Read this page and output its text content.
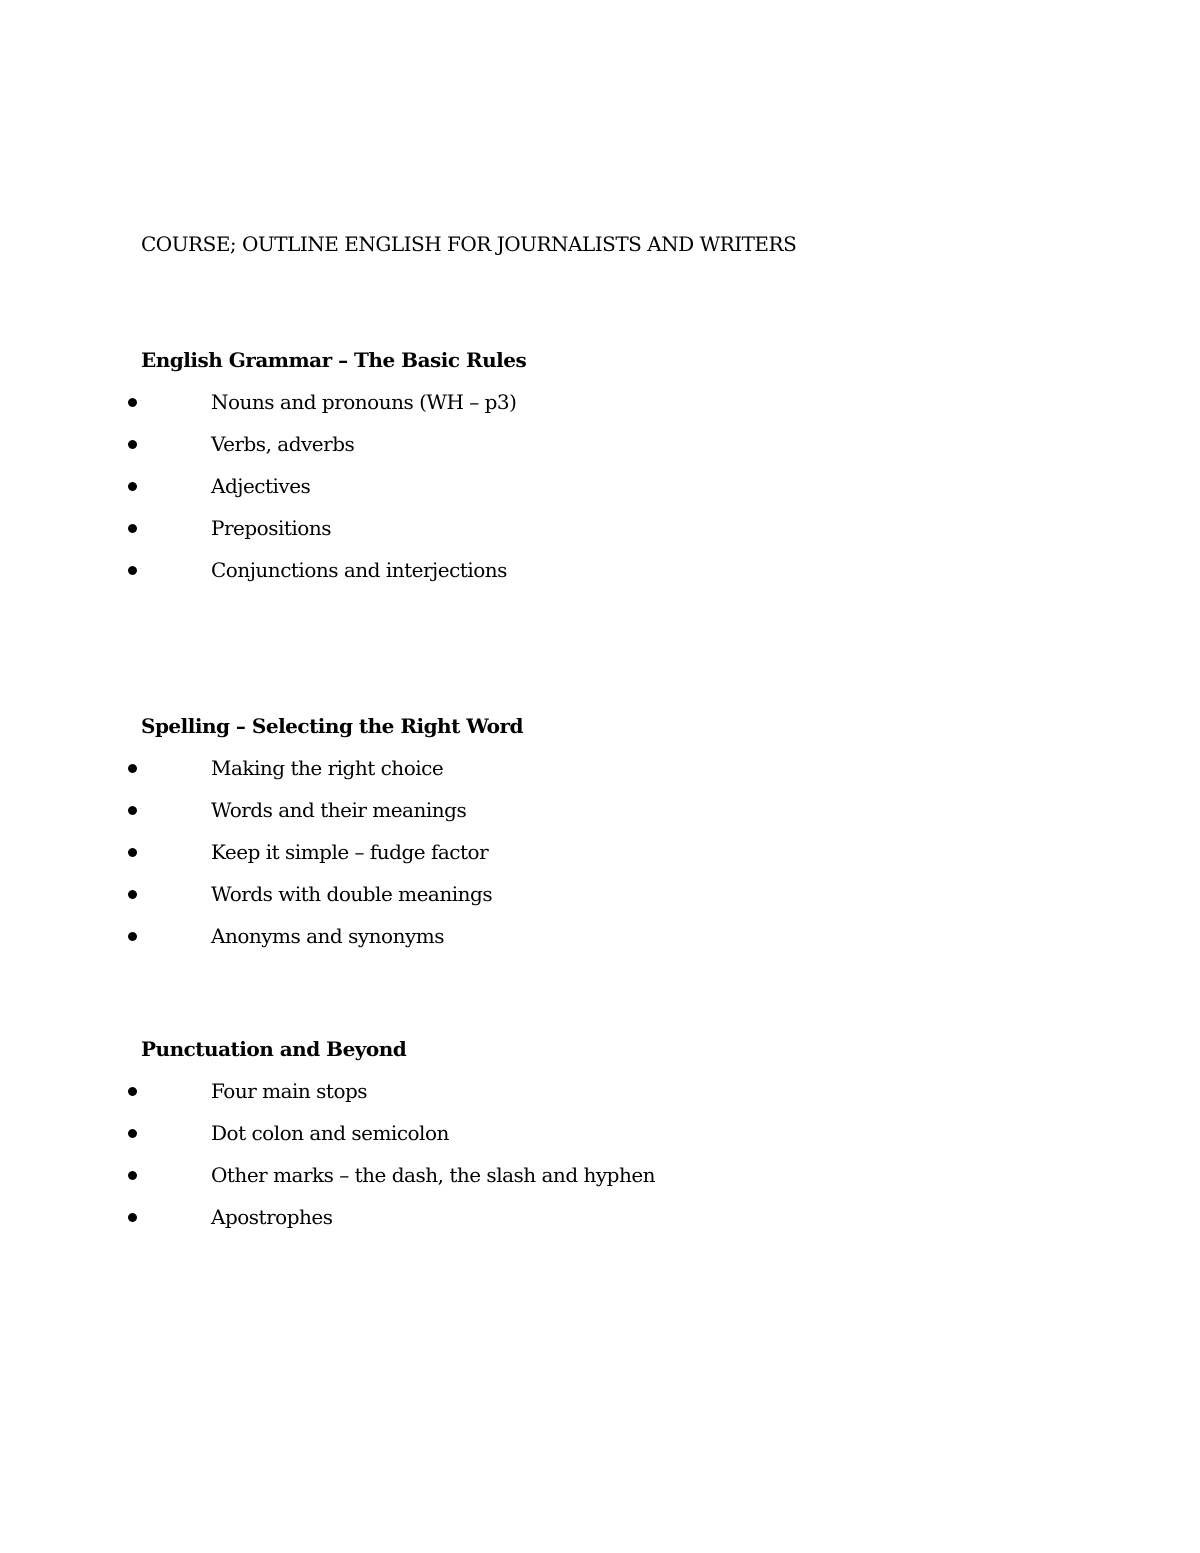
COURSE; OUTLINE ENGLISH FOR JOURNALISTS AND WRITERS
English Grammar – The Basic Rules
Nouns and pronouns (WH – p3)
Verbs, adverbs
Adjectives
Prepositions
Conjunctions and interjections
Spelling – Selecting the Right Word
Making the right choice
Words and their meanings
Keep it simple – fudge factor
Words with double meanings
Anonyms and synonyms
Punctuation and Beyond
Four main stops
Dot colon and semicolon
Other marks – the dash, the slash and hyphen
Apostrophes
